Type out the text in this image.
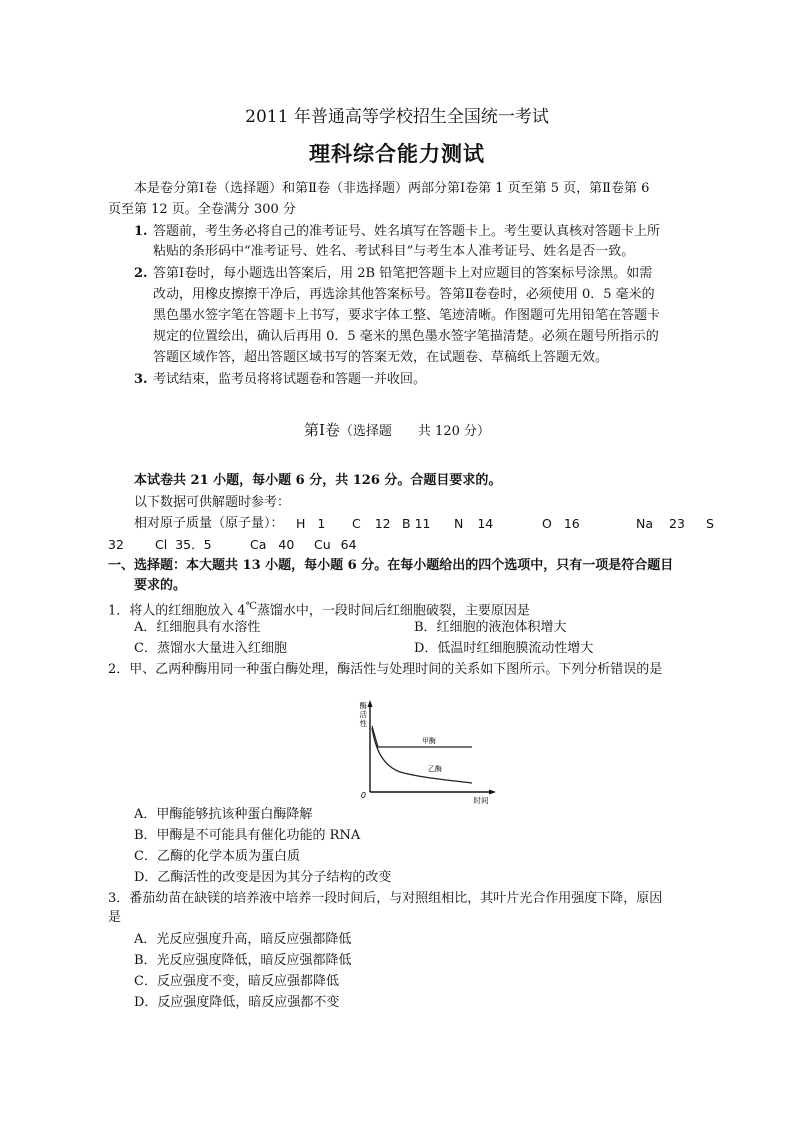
2011 年普通高等学校招生全国统一考试
理科综合能力测试
本是卷分第Ⅰ卷（选择题）和第Ⅱ卷（非选择题）两部分第Ⅰ卷第 1 页至第 5 页，第Ⅱ卷第 6
页至第 12 页。全卷满分 300 分
1. 答题前，考生务必将自己的准考证号、姓名填写在答题卡上。考生要认真核对答题卡上所
粘贴的条形码中“准考证号、姓名、考试科目”与考生本人准考证号、姓名是否一致。
2. 答第Ⅰ卷时，每小题选出答案后，用 2B 铅笔把答题卡上对应题目的答案标号涂黑。如需
改动，用橡皮擦擦干净后，再选涂其他答案标号。答第Ⅱ卷卷时，必须使用 0．5 毫米的
黑色墨水签字笔在答题卡上书写，要求字体工整、笔迹清晰。作图题可先用铅笔在答题卡
规定的位置绘出，确认后再用 0．5 毫米的黑色墨水签字笔描清楚。必须在题号所指示的
答题区域作答，超出答题区域书写的答案无效，在试题卷、草稿纸上答题无效。
3. 考试结束，监考员将将试题卷和答题一并收回。
第Ⅰ卷（选择题　　共 120 分）
本试卷共 21 小题，每小题 6 分，共 126 分。合题目要求的。
以下数据可供解题时参考：
相对原子质量（原子量）： H 1 C 12 B 11 N 14	O 16	Na 23 S
32 Cl 35．5	Ca 40 Cu 64
一、选择题：本大题共 13 小题，每小题 6 分。在每小题给出的四个选项中，只有一项是符合题目
要求的。
1．将人的红细胞放入 4℃蒸馏水中，一段时间后红细胞破裂，主要原因是
A．红细胞具有水溶性	B．红细胞的液泡体积增大
C．蒸馏水大量进入红细胞	D．低温时红细胞膜流动性增大
2．甲、乙两种酶用同一种蛋白酶处理，酶活性与处理时间的关系如下图所示。下列分析错误的是
酶
活
性
0
时间
甲酶
乙酶
A．甲酶能够抗该种蛋白酶降解
B．甲酶是不可能具有催化功能的 RNA
C．乙酶的化学本质为蛋白质
D．乙酶活性的改变是因为其分子结构的改变
3．番茄幼苗在缺镁的培养液中培养一段时间后，与对照组相比，其叶片光合作用强度下降，原因
是
A．光反应强度升高，暗反应强都降低
B．光反应强度降低，暗反应强都降低
C．反应强度不变，暗反应强都降低
D．反应强度降低，暗反应强都不变
